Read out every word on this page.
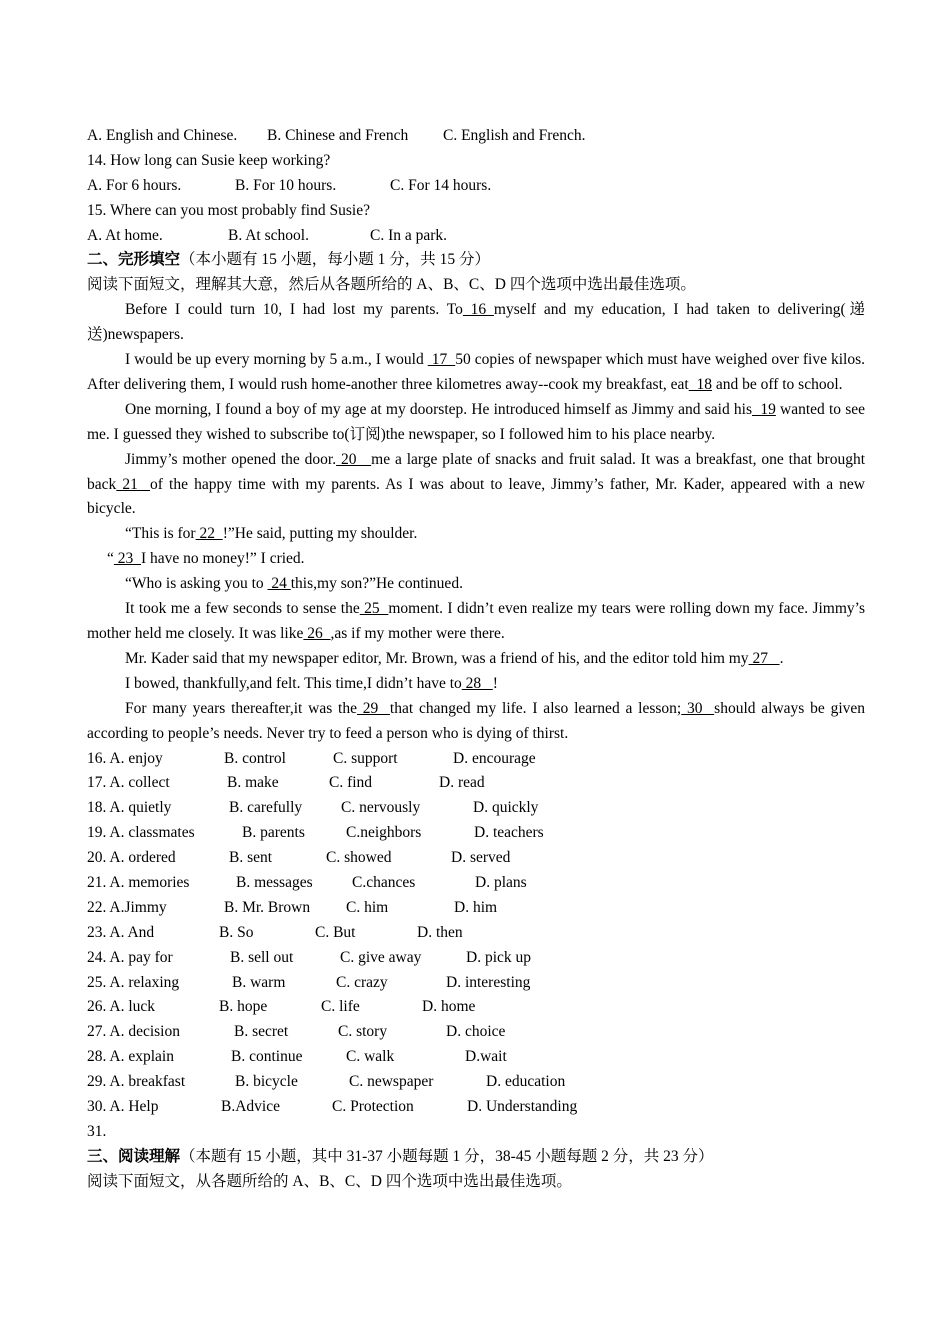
A. English and Chinese. B. Chinese and French C. English and French.
14. How long can Susie keep working?
A. For 6 hours.	B. For 10 hours.	C. For 14 hours.
15. Where can you most probably find Susie?
A. At home.	B. At school.	C. In a park.
二、完形填空（本小题有 15 小题，每小题 1 分，共 15 分）
阅读下面短文，理解其大意，然后从各题所给的 A、B、C、D 四个选项中选出最佳选项。
Before I could turn 10, I had lost my parents. To 16 myself and my education, I had taken to delivering(递送)newspapers.
I would be up every morning by 5 a.m., I would  17  50 copies of newspaper which must have weighed over five kilos. After delivering them, I would rush home-another three kilometres away--cook my breakfast, eat  18 and be off to school.
One morning, I found a boy of my age at my doorstep. He introduced himself as Jimmy and said his  19 wanted to see me. I guessed they wished to subscribe to(订阅)the newspaper, so I followed him to his place nearby.
Jimmy’s mother opened the door. 20   me a large plate of snacks and fruit salad. It was a breakfast, one that brought back 21  of the happy time with my parents. As I was about to leave, Jimmy’s father, Mr. Kader, appeared with a new bicycle.
“This is for 22  !”He said, putting my shoulder.
“ 23  I have no money!” I cried.
“Who is asking you to  24 this,my son?”He continued.
It took me a few seconds to sense the 25  moment. I didn’t even realize my tears were rolling down my face. Jimmy’s mother held me closely. It was like 26  ,as if my mother were there.
Mr. Kader said that my newspaper editor, Mr. Brown, was a friend of his, and the editor told him my 27   .
I bowed, thankfully,and felt. This time,I didn’t have to 28   !
For many years thereafter,it was the 29  that changed my life. I also learned a lesson; 30  should always be given according to people’s needs. Never try to feed a person who is dying of thirst.
16. A. enjoy	B. control	C. support	D. encourage
17. A. collect	B. make	C. find	D. read
18. A. quietly	B. carefully	C. nervously	D. quickly
19. A. classmates	B. parents	C.neighbors	D. teachers
20. A. ordered	B. sent	C. showed	D. served
21. A. memories	B. messages	C.chances	D. plans
22. A.Jimmy	B. Mr. Brown C. him	D. him
23. A. And	B. So	C. But	D. then
24. A. pay for	B. sell out	C. give away	D. pick up
25. A. relaxing	B. warm	C. crazy	D. interesting
26. A. luck	B. hope	C. life	D. home
27. A. decision	B. secret	C. story	D. choice
28. A. explain	B. continue	C. walk	D.wait
29. A. breakfast	B. bicycle	C. newspaper	D. education
30. A. Help	B.Advice	C. Protection	D. Understanding
31.
三、阅读理解（本题有 15 小题，其中 31-37 小题每题 1 分，38-45 小题每题 2 分，共 23 分）
阅读下面短文，从各题所给的 A、B、C、D 四个选项中选出最佳选项。
